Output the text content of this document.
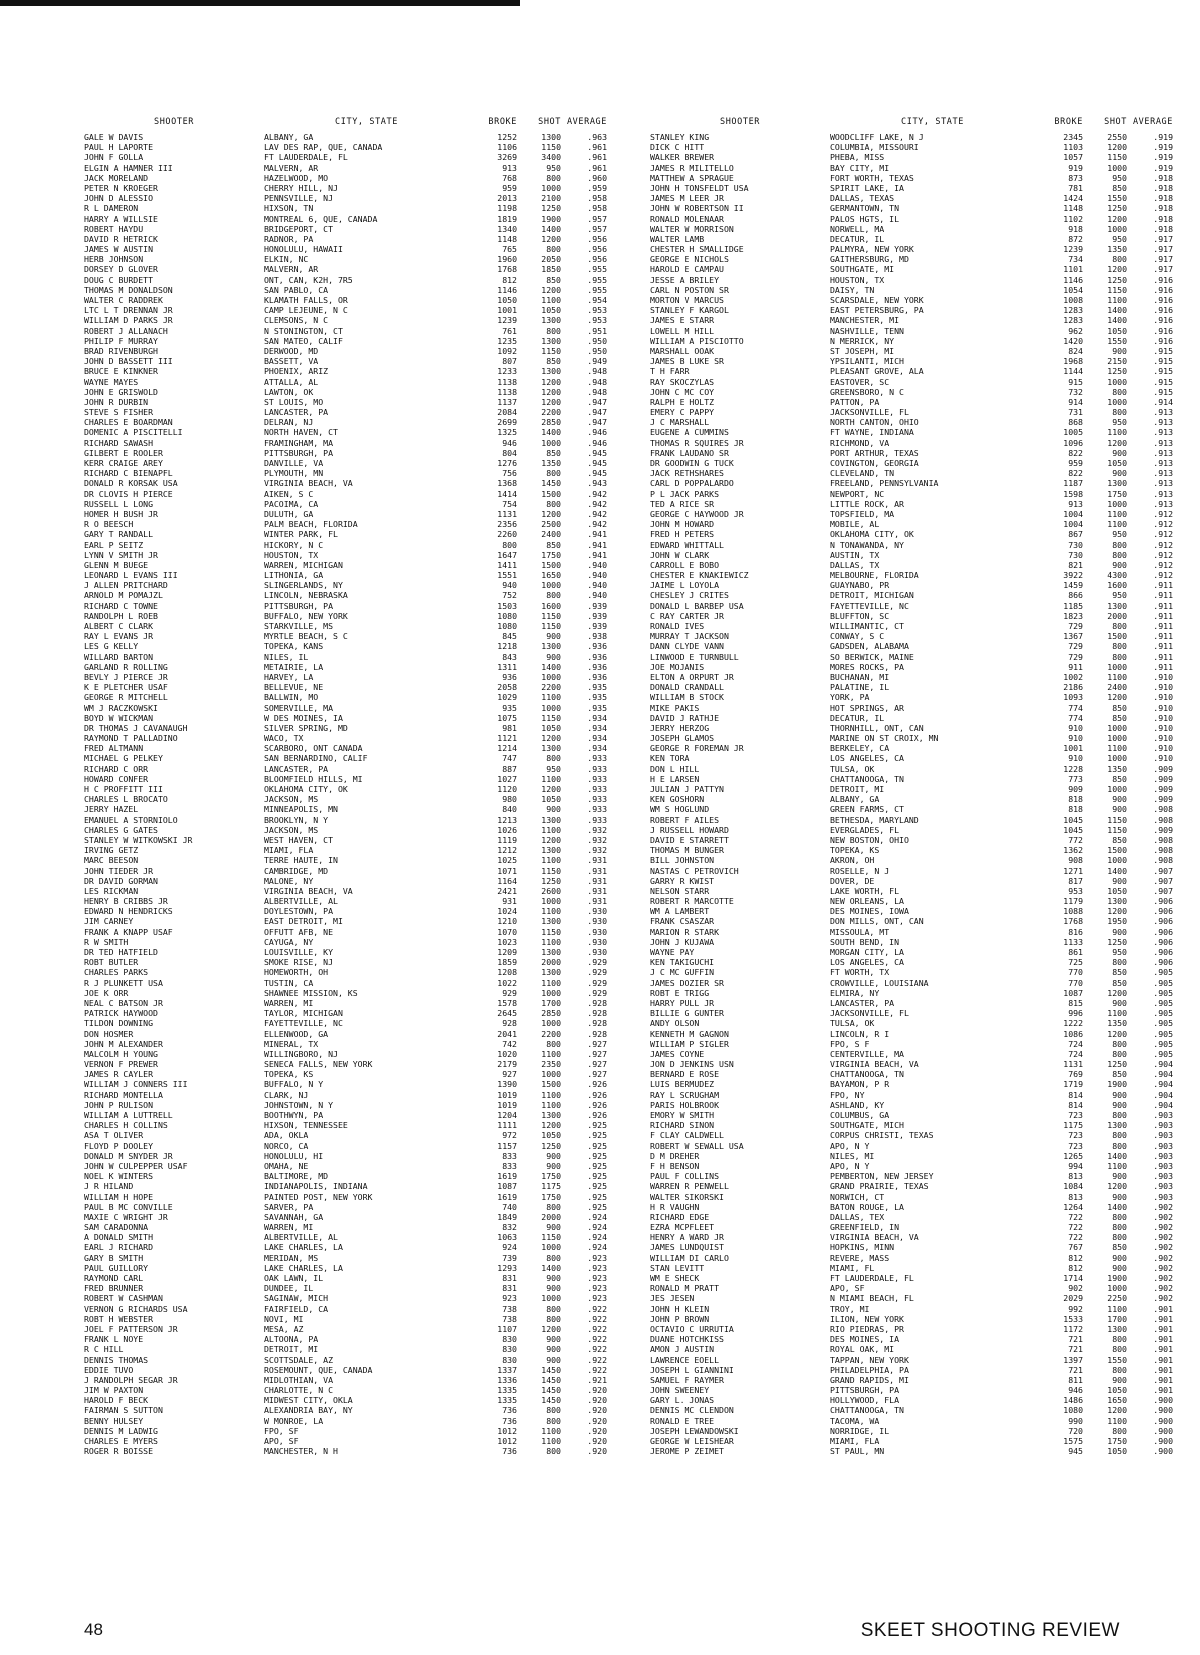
SHOOTER	CITY, STATE	BROKE	SHOT AVERAGE
GALE W DAVIS	ALBANY, GA	1252	1300	.963
PAUL H LAPORTE	LAV DES RAP, QUE, CANADA	1106	1150	.961
JOHN F GOLLA	FT LAUDERDALE, FL	3269	3400	.961
ELGIN A HAMNER III	MALVERN, AR	913	950	.961
JACK MORELAND	HAZELWOOD, MO	768	800	.960
PETER N KROEGER	CHERRY HILL, NJ	959	1000	.959
JOHN D ALESSIO	PENNSVILLE, NJ	2013	2100	.958
R L DAMERON	HIXSON, TN	1198	1250	.958
HARRY A WILLSIE	MONTREAL 6, QUE, CANADA	1819	1900	.957
ROBERT HAYDU	BRIDGEPORT, CT	1340	1400	.957
DAVID R HETRICK	RADNOR, PA	1148	1200	.956
JAMES W AUSTIN	HONOLULU, HAWAII	765	800	.956
HERB JOHNSON	ELKIN, NC	1960	2050	.956
DORSEY D GLOVER	MALVERN, AR	1768	1850	.955
DOUG C BURDETT	ONT, CAN, K2H, 7R5	812	850	.955
THOMAS M DONALDSON	SAN PABLO, CA	1146	1200	.955
WALTER C RADDREK	KLAMATH FALLS, OR	1050	1100	.954
LTC L T DRENNAN JR	CAMP LEJEUNE, N C	1001	1050	.953
WILLIAM D PARKS JR	CLEMSONS, N C	1239	1300	.953
ROBERT J ALLANACH	N STONINGTON, CT	761	800	.951
PHILIP F MURRAY	SAN MATEO, CALIF	1235	1300	.950
BRAD RIVENBURGH	DERWOOD, MD	1092	1150	.950
JOHN D BASSETT III	BASSETT, VA	807	850	.949
BRUCE E KINKNER	PHOENIX, ARIZ	1233	1300	.948
WAYNE MAYES	ATTALLA, AL	1138	1200	.948
JOHN E GRISWOLD	LAWTON, OK	1138	1200	.948
JOHN R DURBIN	ST LOUIS, MO	1137	1200	.947
STEVE S FISHER	LANCASTER, PA	2084	2200	.947
CHARLES E BOARDMAN	DELRAN, NJ	2699	2850	.947
DOMENIC A PISCITELLI	NORTH HAVEN, CT	1325	1400	.946
RICHARD SAWASH	FRAMINGHAM, MA	946	1000	.946
GILBERT E ROOLER	PITTSBURGH, PA	804	850	.945
KERR CRAIGE AREY	DANVILLE, VA	1276	1350	.945
RICHARD C BIENAPFL	PLYMOUTH, MN	756	800	.945
DONALD R KORSAK USA	VIRGINIA BEACH, VA	1368	1450	.943
DR CLOVIS H PIERCE	AIKEN, S C	1414	1500	.942
RUSSELL L LONG	PACOIMA, CA	754	800	.942
HOMER H BUSH JR	DULUTH, GA	1131	1200	.942
R O BEESCH	PALM BEACH, FLORIDA	2356	2500	.942
GARY T RANDALL	WINTER PARK, FL	2260	2400	.941
EARL P SEITZ	HICKORY, N C	800	850	.941
LYNN V SMITH JR	HOUSTON, TX	1647	1750	.941
GLENN M BUEGE	WARREN, MICHIGAN	1411	1500	.940
LEONARD L EVANS III	LITHONIA, GA	1551	1650	.940
J ALLEN PRITCHARD	SLINGERLANDS, NY	940	1000	.940
ARNOLD M POMAJZL	LINCOLN, NEBRASKA	752	800	.940
RICHARD C TOWNE	PITTSBURGH, PA	1503	1600	.939
RANDOLPH L ROEB	BUFFALO, NEW YORK	1080	1150	.939
ALBERT C CLARK	STARKVILLE, MS	1080	1150	.939
RAY L EVANS JR	MYRTLE BEACH, S C	845	900	.938
LES G KELLY	TOPEKA, KANS	1218	1300	.936
WILLARD BARTON	NILES, IL	843	900	.936
GARLAND R ROLLING	METAIRIE, LA	1311	1400	.936
BEVLY J PIERCE JR	HARVEY, LA	936	1000	.936
K E PLETCHER USAF	BELLEVUE, NE	2058	2200	.935
GEORGE R MITCHELL	BALLWIN, MO	1029	1100	.935
WM J RACZKOWSKI	SOMERVILLE, MA	935	1000	.935
BOYD W WICKMAN	W DES MOINES, IA	1075	1150	.934
DR THOMAS J CAVANAUGH	SILVER SPRING, MD	981	1050	.934
RAYMOND T PALLADINO	WACO, TX	1121	1200	.934
FRED ALTMANN	SCARBORO, ONT CANADA	1214	1300	.934
MICHAEL G PELKEY	SAN BERNARDINO, CALIF	747	800	.933
RICHARD C ORR	LANCASTER, PA	887	950	.933
HOWARD CONFER	BLOOMFIELD HILLS, MI	1027	1100	.933
H C PROFFITT III	OKLAHOMA CITY, OK	1120	1200	.933
CHARLES L BROCATO	JACKSON, MS	980	1050	.933
JERRY HAZEL	MINNEAPOLIS, MN	840	900	.933
EMANUEL A STORNIOLO	BROOKLYN, N Y	1213	1300	.933
CHARLES G GATES	JACKSON, MS	1026	1100	.932
STANLEY W WITKOWSKI JR	WEST HAVEN, CT	1119	1200	.932
IRVING GETZ	MIAMI, FLA	1212	1300	.932
MARC BEESON	TERRE HAUTE, IN	1025	1100	.931
JOHN TIEDER JR	CAMBRIDGE, MD	1071	1150	.931
DR DAVID GORMAN	MALONE, NY	1164	1250	.931
LES RICKMAN	VIRGINIA BEACH, VA	2421	2600	.931
HENRY B CRIBBS JR	ALBERTVILLE, AL	931	1000	.931
EDWARD N HENDRICKS	DOYLESTOWN, PA	1024	1100	.930
JIM CARNEY	EAST DETROIT, MI	1210	1300	.930
FRANK A KNAPP USAF	OFFUTT AFB, NE	1070	1150	.930
R W SMITH	CAYUGA, NY	1023	1100	.930
DR TED HATFIELD	LOUISVILLE, KY	1209	1300	.930
ROBT BUTLER	SMOKE RISE, NJ	1859	2000	.929
CHARLES PARKS	HOMEWORTH, OH	1208	1300	.929
R J PLUNKETT USA	TUSTIN, CA	1022	1100	.929
JOE K ORR	SHAWNEE MISSION, KS	929	1000	.929
NEAL C BATSON JR	WARREN, MI	1578	1700	.928
PATRICK HAYWOOD	TAYLOR, MICHIGAN	2645	2850	.928
TILDON DOWNING	FAYETTEVILLE, NC	928	1000	.928
DON HOSMER	ELLENWOOD, GA	2041	2200	.928
JOHN M ALEXANDER	MINERAL, TX	742	800	.927
MALCOLM H YOUNG	WILLINGBORO, NJ	1020	1100	.927
VERNON F PREWER	SENECA FALLS, NEW YORK	2179	2350	.927
JAMES R CAYLER	TOPEKA, KS	927	1000	.927
WILLIAM J CONNERS III	BUFFALO, N Y	1390	1500	.926
RICHARD MONTELLA	CLARK, NJ	1019	1100	.926
JOHN P RULISON	JOHNSTOWN, N Y	1019	1100	.926
WILLIAM A LUTTRELL	BOOTHWYN, PA	1204	1300	.926
CHARLES H COLLINS	HIXSON, TENNESSEE	1111	1200	.925
ASA T OLIVER	ADA, OKLA	972	1050	.925
FLOYD P DOOLEY	NORCO, CA	1157	1250	.925
DONALD M SNYDER JR	HONOLULU, HI	833	900	.925
JOHN W CULPEPPER USAF	OMAHA, NE	833	900	.925
NOEL K WINTERS	BALTIMORE, MD	1619	1750	.925
J R HILAND	INDIANAPOLIS, INDIANA	1087	1175	.925
WILLIAM H HOPE	PAINTED POST, NEW YORK	1619	1750	.925
PAUL B MC CONVILLE	SARVER, PA	740	800	.925
MAXIE C WRIGHT JR	SAVANNAH, GA	1849	2000	.924
SAM CARADONNA	WARREN, MI	832	900	.924
A DONALD SMITH	ALBERTVILLE, AL	1063	1150	.924
EARL J RICHARD	LAKE CHARLES, LA	924	1000	.924
GARY B SMITH	MERIDAN, MS	739	800	.923
PAUL GUILLORY	LAKE CHARLES, LA	1293	1400	.923
RAYMOND CARL	OAK LAWN, IL	831	900	.923
FRED BRUNNER	DUNDEE, IL	831	900	.923
ROBERT W CASHMAN	SAGINAW, MICH	923	1000	.923
VERNON G RICHARDS USA	FAIRFIELD, CA	738	800	.922
ROBT H WEBSTER	NOVI, MI	738	800	.922
JOEL F PATTERSON JR	MESA, AZ	1107	1200	.922
FRANK L NOYE	ALTOONA, PA	830	900	.922
R C HILL	DETROIT, MI	830	900	.922
DENNIS THOMAS	SCOTTSDALE, AZ	830	900	.922
EDDIE TUVO	ROSEMOUNT, QUE, CANADA	1337	1450	.922
J RANDOLPH SEGAR JR	MIDLOTHIAN, VA	1336	1450	.921
JIM W PAXTON	CHARLOTTE, N C	1335	1450	.920
HAROLD F BECK	MIDWEST CITY, OKLA	1335	1450	.920
FAIRMAN S SUTTON	ALEXANDRIA BAY, NY	736	800	.920
BENNY HULSEY	W MONROE, LA	736	800	.920
DENNIS M LADWIG	FPO, SF	1012	1100	.920
CHARLES E MYERS	APO, SF	1012	1100	.920
ROGER R BOISSE	MANCHESTER, N H	736	800	.920
SHOOTER	CITY, STATE	BROKE	SHOT AVERAGE
STANLEY KING	WOODCLIFF LAKE, N J	2345	2550	.919
DICK C HITT	COLUMBIA, MISSOURI	1103	1200	.919
WALKER BREWER	PHEBA, MISS	1057	1150	.919
JAMES R MILITELLO	BAY CITY, MI	919	1000	.919
MATTHEW A SPRAGUE	FORT WORTH, TEXAS	873	950	.918
JOHN H TONSFELDT USA	SPIRIT LAKE, IA	781	850	.918
JAMES M LEER JR	DALLAS, TEXAS	1424	1550	.918
JOHN W ROBERTSON II	GERMANTOWN, TN	1148	1250	.918
RONALD MOLENAAR	PALOS HGTS, IL	1102	1200	.918
WALTER W MORRISON	NORWELL, MA	918	1000	.918
WALTER LAMB	DECATUR, IL	872	950	.917
CHESTER H SMALLIDGE	PALMYRA, NEW YORK	1239	1350	.917
GEORGE E NICHOLS	GAITHERSBURG, MD	734	800	.917
HAROLD E CAMPAU	SOUTHGATE, MI	1101	1200	.917
JESSE A BRILEY	HOUSTON, TX	1146	1250	.916
CARL N POSTON SR	DAISY, TN	1054	1150	.916
MORTON V MARCUS	SCARSDALE, NEW YORK	1008	1100	.916
STANLEY F KARGOL	EAST PETERSBURG, PA	1283	1400	.916
JAMES E STARR	MANCHESTER, MI	1283	1400	.916
LOWELL M HILL	NASHVILLE, TENN	962	1050	.916
WILLIAM A PISCIOTTO	N MERRICK, NY	1420	1550	.916
MARSHALL OOAK	ST JOSEPH, MI	824	900	.915
JAMES B LUKE SR	YPSILANTI, MICH	1968	2150	.915
T H FARR	PLEASANT GROVE, ALA	1144	1250	.915
RAY SKOCZYLAS	EASTOVER, SC	915	1000	.915
JOHN C MC COY	GREENSBORO, N C	732	800	.915
RALPH E HOLTZ	PATTON, PA	914	1000	.914
EMERY C PAPPY	JACKSONVILLE, FL	731	800	.913
J C MARSHALL	NORTH CANTON, OHIO	868	950	.913
EUGENE A CUMMINS	FT WAYNE, INDIANA	1005	1100	.913
THOMAS R SQUIRES JR	RICHMOND, VA	1096	1200	.913
FRANK LAUDANO SR	PORT ARTHUR, TEXAS	822	900	.913
DR GOODWIN G TUCK	COVINGTON, GEORGIA	959	1050	.913
JACK RETHSHARES	CLEVELAND, TN	822	900	.913
CARL D POPPALARDO	FREELAND, PENNSYLVANIA	1187	1300	.913
P L JACK PARKS	NEWPORT, NC	1598	1750	.913
TED A RICE SR	LITTLE ROCK, AR	913	1000	.913
GEORGE C HAYWOOD JR	TOPSFIELD, MA	1004	1100	.912
JOHN M HOWARD	MOBILE, AL	1004	1100	.912
FRED H PETERS	OKLAHOMA CITY, OK	867	950	.912
EDWARD WHITTALL	N TONAWANDA, NY	730	800	.912
JOHN W CLARK	AUSTIN, TX	730	800	.912
CARROLL E BOBO	DALLAS, TX	821	900	.912
CHESTER E KNAKIEWICZ	MELBOURNE, FLORIDA	3922	4300	.912
JAIME L LOYOLA	GUAYNABO, PR	1459	1600	.911
CHESLEY J CRITES	DETROIT, MICHIGAN	866	950	.911
DONALD L BARBEP USA	FAYETTEVILLE, NC	1185	1300	.911
C RAY CARTER JR	BLUFFTON, SC	1823	2000	.911
RONALD IVES	WILLIMANTIC, CT	729	800	.911
MURRAY T JACKSON	CONWAY, S C	1367	1500	.911
DANN CLYDE VANN	GADSDEN, ALABAMA	729	800	.911
LINWOOD E TURNBULL	SO BERWICK, MAINE	729	800	.911
JOE MOJANIS	MORES ROCKS, PA	911	1000	.911
ELTON A ORPURT JR	BUCHANAN, MI	1002	1100	.910
DONALD CRANDALL	PALATINE, IL	2186	2400	.910
WILLIAM B STOCK	YORK, PA	1093	1200	.910
MIKE PAKIS	HOT SPRINGS, AR	774	850	.910
DAVID J RATHJE	DECATUR, IL	774	850	.910
JERRY HERZOG	THORNHILL, ONT, CAN	910	1000	.910
JOSEPH GLAMOS	MARINE ON ST CROIX, MN	910	1000	.910
GEORGE R FOREMAN JR	BERKELEY, CA	1001	1100	.910
KEN TORA	LOS ANGELES, CA	910	1000	.910
DON L HILL	TULSA, OK	1228	1350	.909
H E LARSEN	CHATTANOOGA, TN	773	850	.909
JULIAN J PATTYN	DETROIT, MI	909	1000	.909
KEN GOSHORN	ALBANY, GA	818	900	.909
WM S HOGLUND	GREEN FARMS, CT	818	900	.908
ROBERT F AILES	BETHESDA, MARYLAND	1045	1150	.908
J RUSSELL HOWARD	EVERGLADES, FL	1045	1150	.909
DAVID E STARRETT	NEW BOSTON, OHIO	772	850	.908
THOMAS M BUNGER	TOPEKA, KS	1362	1500	.908
BILL JOHNSTON	AKRON, OH	908	1000	.908
NASTAS C PETROVICH	ROSELLE, N J	1271	1400	.907
GARRY R KWIST	DOVER, DE	817	900	.907
NELSON STARR	LAKE WORTH, FL	953	1050	.907
ROBERT R MARCOTTE	NEW ORLEANS, LA	1179	1300	.906
WM A LAMBERT	DES MOINES, IOWA	1088	1200	.906
FRANK CSASZAR	DON MILLS, ONT, CAN	1768	1950	.906
MARION R STARK	MISSOULA, MT	816	900	.906
JOHN J KUJAWA	SOUTH BEND, IN	1133	1250	.906
WAYNE PAY	MORGAN CITY, LA	861	950	.906
KEN TAKIGUCHI	LOS ANGELES, CA	725	800	.906
J C MC GUFFIN	FT WORTH, TX	770	850	.905
JAMES DOZIER SR	CROWVILLE, LOUISIANA	770	850	.905
ROBT E TRIGG	ELMIRA, NY	1087	1200	.905
HARRY PULL JR	LANCASTER, PA	815	900	.905
BILLIE G GUNTER	JACKSONVILLE, FL	996	1100	.905
ANDY OLSON	TULSA, OK	1222	1350	.905
KENNETH M GAGNON	LINCOLN, R I	1086	1200	.905
WILLIAM P SIGLER	FPO, S F	724	800	.905
JAMES COYNE	CENTERVILLE, MA	724	800	.905
JON D JENKINS USN	VIRGINIA BEACH, VA	1131	1250	.904
BERNARD E ROSE	CHATTANOOGA, TN	769	850	.904
LUIS BERMUDEZ	BAYAMON, P R	1719	1900	.904
RAY L SCRUGHAM	FPO, NY	814	900	.904
PARIS HOLBROOK	ASHLAND, KY	814	900	.904
EMORY W SMITH	COLUMBUS, GA	723	800	.903
RICHARD SINON	SOUTHGATE, MICH	1175	1300	.903
F CLAY CALDWELL	CORPUS CHRISTI, TEXAS	723	800	.903
ROBERT W SEWALL USA	APO, N Y	723	800	.903
D M DREHER	NILES, MI	1265	1400	.903
F H BENSON	APO, N Y	994	1100	.903
PAUL F COLLINS	PEMBERTON, NEW JERSEY	813	900	.903
WARREN R PENWELL	GRAND PRAIRIE, TEXAS	1084	1200	.903
WALTER SIKORSKI	NORWICH, CT	813	900	.903
H R VAUGHN	BATON ROUGE, LA	1264	1400	.902
RICHARD EDGE	DALLAS, TEX	722	800	.902
EZRA MCPFLEET	GREENFIELD, IN	722	800	.902
HENRY A WARD JR	VIRGINIA BEACH, VA	722	800	.902
JAMES LUNDQUIST	HOPKINS, MINN	767	850	.902
WILLIAM DI CARLO	REVERE, MASS	812	900	.902
STAN LEVITT	MIAMI, FL	812	900	.902
WM E SHECK	FT LAUDERDALE, FL	1714	1900	.902
RONALD M PRATT	APO, SF	902	1000	.902
JES JESEN	N MIAMI BEACH, FL	2029	2250	.902
JOHN H KLEIN	TROY, MI	992	1100	.901
JOHN P BROWN	ILION, NEW YORK	1533	1700	.901
OCTAVIO C URRUTIA	RIO PIEDRAS, PR	1172	1300	.901
DUANE HOTCHKISS	DES MOINES, IA	721	800	.901
AMON J AUSTIN	ROYAL OAK, MI	721	800	.901
LAWRENCE EOELL	TAPPAN, NEW YORK	1397	1550	.901
JOSEPH L GIANNINI	PHILADELPHIA, PA	721	800	.901
SAMUEL F RAYMER	GRAND RAPIDS, MI	811	900	.901
JOHN SWEENEY	PITTSBURGH, PA	946	1050	.901
GARY L. JONAS	HOLLYWOOD, FLA	1486	1650	.900
DENNIS MC CLENDON	CHATTANOOGA, TN	1080	1200	.900
RONALD E TREE	TACOMA, WA	990	1100	.900
JOSEPH LEWANDOWSKI	NORRIDGE, IL	720	800	.900
GEORGE W LEISHEAR	MIAMI, FLA	1575	1750	.900
JEROME P ZEIMET	ST PAUL, MN	945	1050	.900
48	SKEET SHOOTING REVIEW
